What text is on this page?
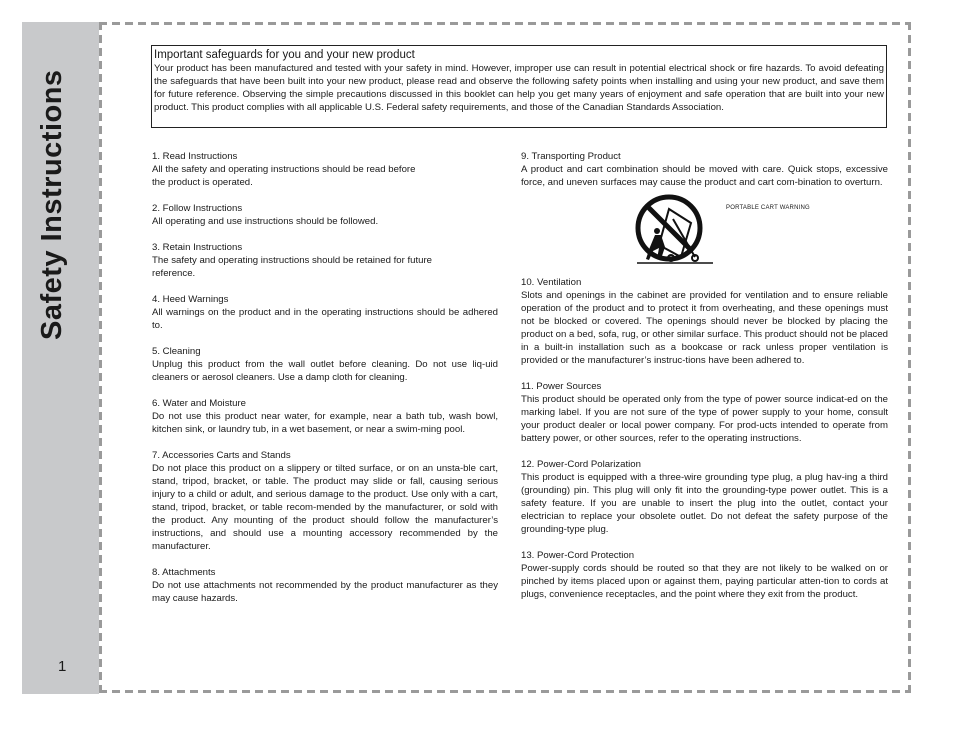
Safety Instructions
1

Important safeguards for you and your new product

Your product has been manufactured and tested with your safety in mind. However, improper use can result in potential electrical shock or fire hazards. To avoid defeating the safeguards that have been built into your new product, please read and observe the following safety points when installing and using your new product, and save them for future reference. Observing the simple precautions discussed in this booklet can help you get many years of enjoyment and safe operation that are built into your new product. This product complies with all applicable U.S. Federal safety requirements, and those of the Canadian Standards Association.

1. Read Instructions

All the safety and operating instructions should be read before the product is operated.

2. Follow Instructions

All operating and use instructions should be followed.

3. Retain Instructions

The safety and operating instructions should be retained for future reference.

4. Heed Warnings

All warnings on the product and in the operating instructions should be adhered to.

5. Cleaning

Unplug this product from the wall outlet before cleaning. Do not use liq-uid cleaners or aerosol cleaners. Use a damp cloth for cleaning.

6. Water and Moisture

Do not use this product near water, for example, near a bath tub, wash bowl, kitchen sink, or laundry tub, in a wet basement, or near a swim-ming pool.

7. Accessories Carts and Stands

Do not place this product on a slippery or tilted surface, or on an unsta-ble cart, stand, tripod, bracket, or table. The product may slide or fall, causing serious injury to a child or adult, and serious damage to the product. Use only with a cart, stand, tripod, bracket, or table recom-mended by the manufacturer, or sold with the product. Any mounting of the product should follow the manufacturer’s instructions, and should use a mounting accessory recommended by the manufacturer.

8. Attachments

Do not use attachments not recommended by the product manufacturer as they may cause hazards.

9. Transporting Product

A product and cart combination should be moved with care. Quick stops, excessive force, and uneven surfaces may cause the product and cart com-bination to overturn.

PORTABLE CART WARNING

10. Ventilation

Slots and openings in the cabinet are provided for ventilation and to ensure reliable operation of the product and to protect it from overheating, and these openings must not be blocked or covered. The openings should never be blocked by placing the product on a bed, sofa, rug, or other similar surface. This product should not be placed in a built-in installation such as a bookcase or rack unless proper ventilation is provided or the manufacturer’s instruc-tions have been adhered to.

11. Power Sources

This product should be operated only from the type of power source indicat-ed on the marking label. If you are not sure of the type of power supply to your home, consult your product dealer or local power company. For prod-ucts intended to operate from battery power, or other sources, refer to the operating instructions.

12. Power-Cord Polarization

This product is equipped with a three-wire grounding type plug, a plug hav-ing a third (grounding) pin. This plug will only fit into the grounding-type power outlet. This is a safety feature. If you are unable to insert the plug into the outlet, contact your electrician to replace your obsolete outlet. Do not defeat the safety purpose of the grounding-type plug.

13. Power-Cord Protection

Power-supply cords should be routed so that they are not likely to be walked on or pinched by items placed upon or against them, paying particular atten-tion to cords at plugs, convenience receptacles, and the point where they exit from the product.
